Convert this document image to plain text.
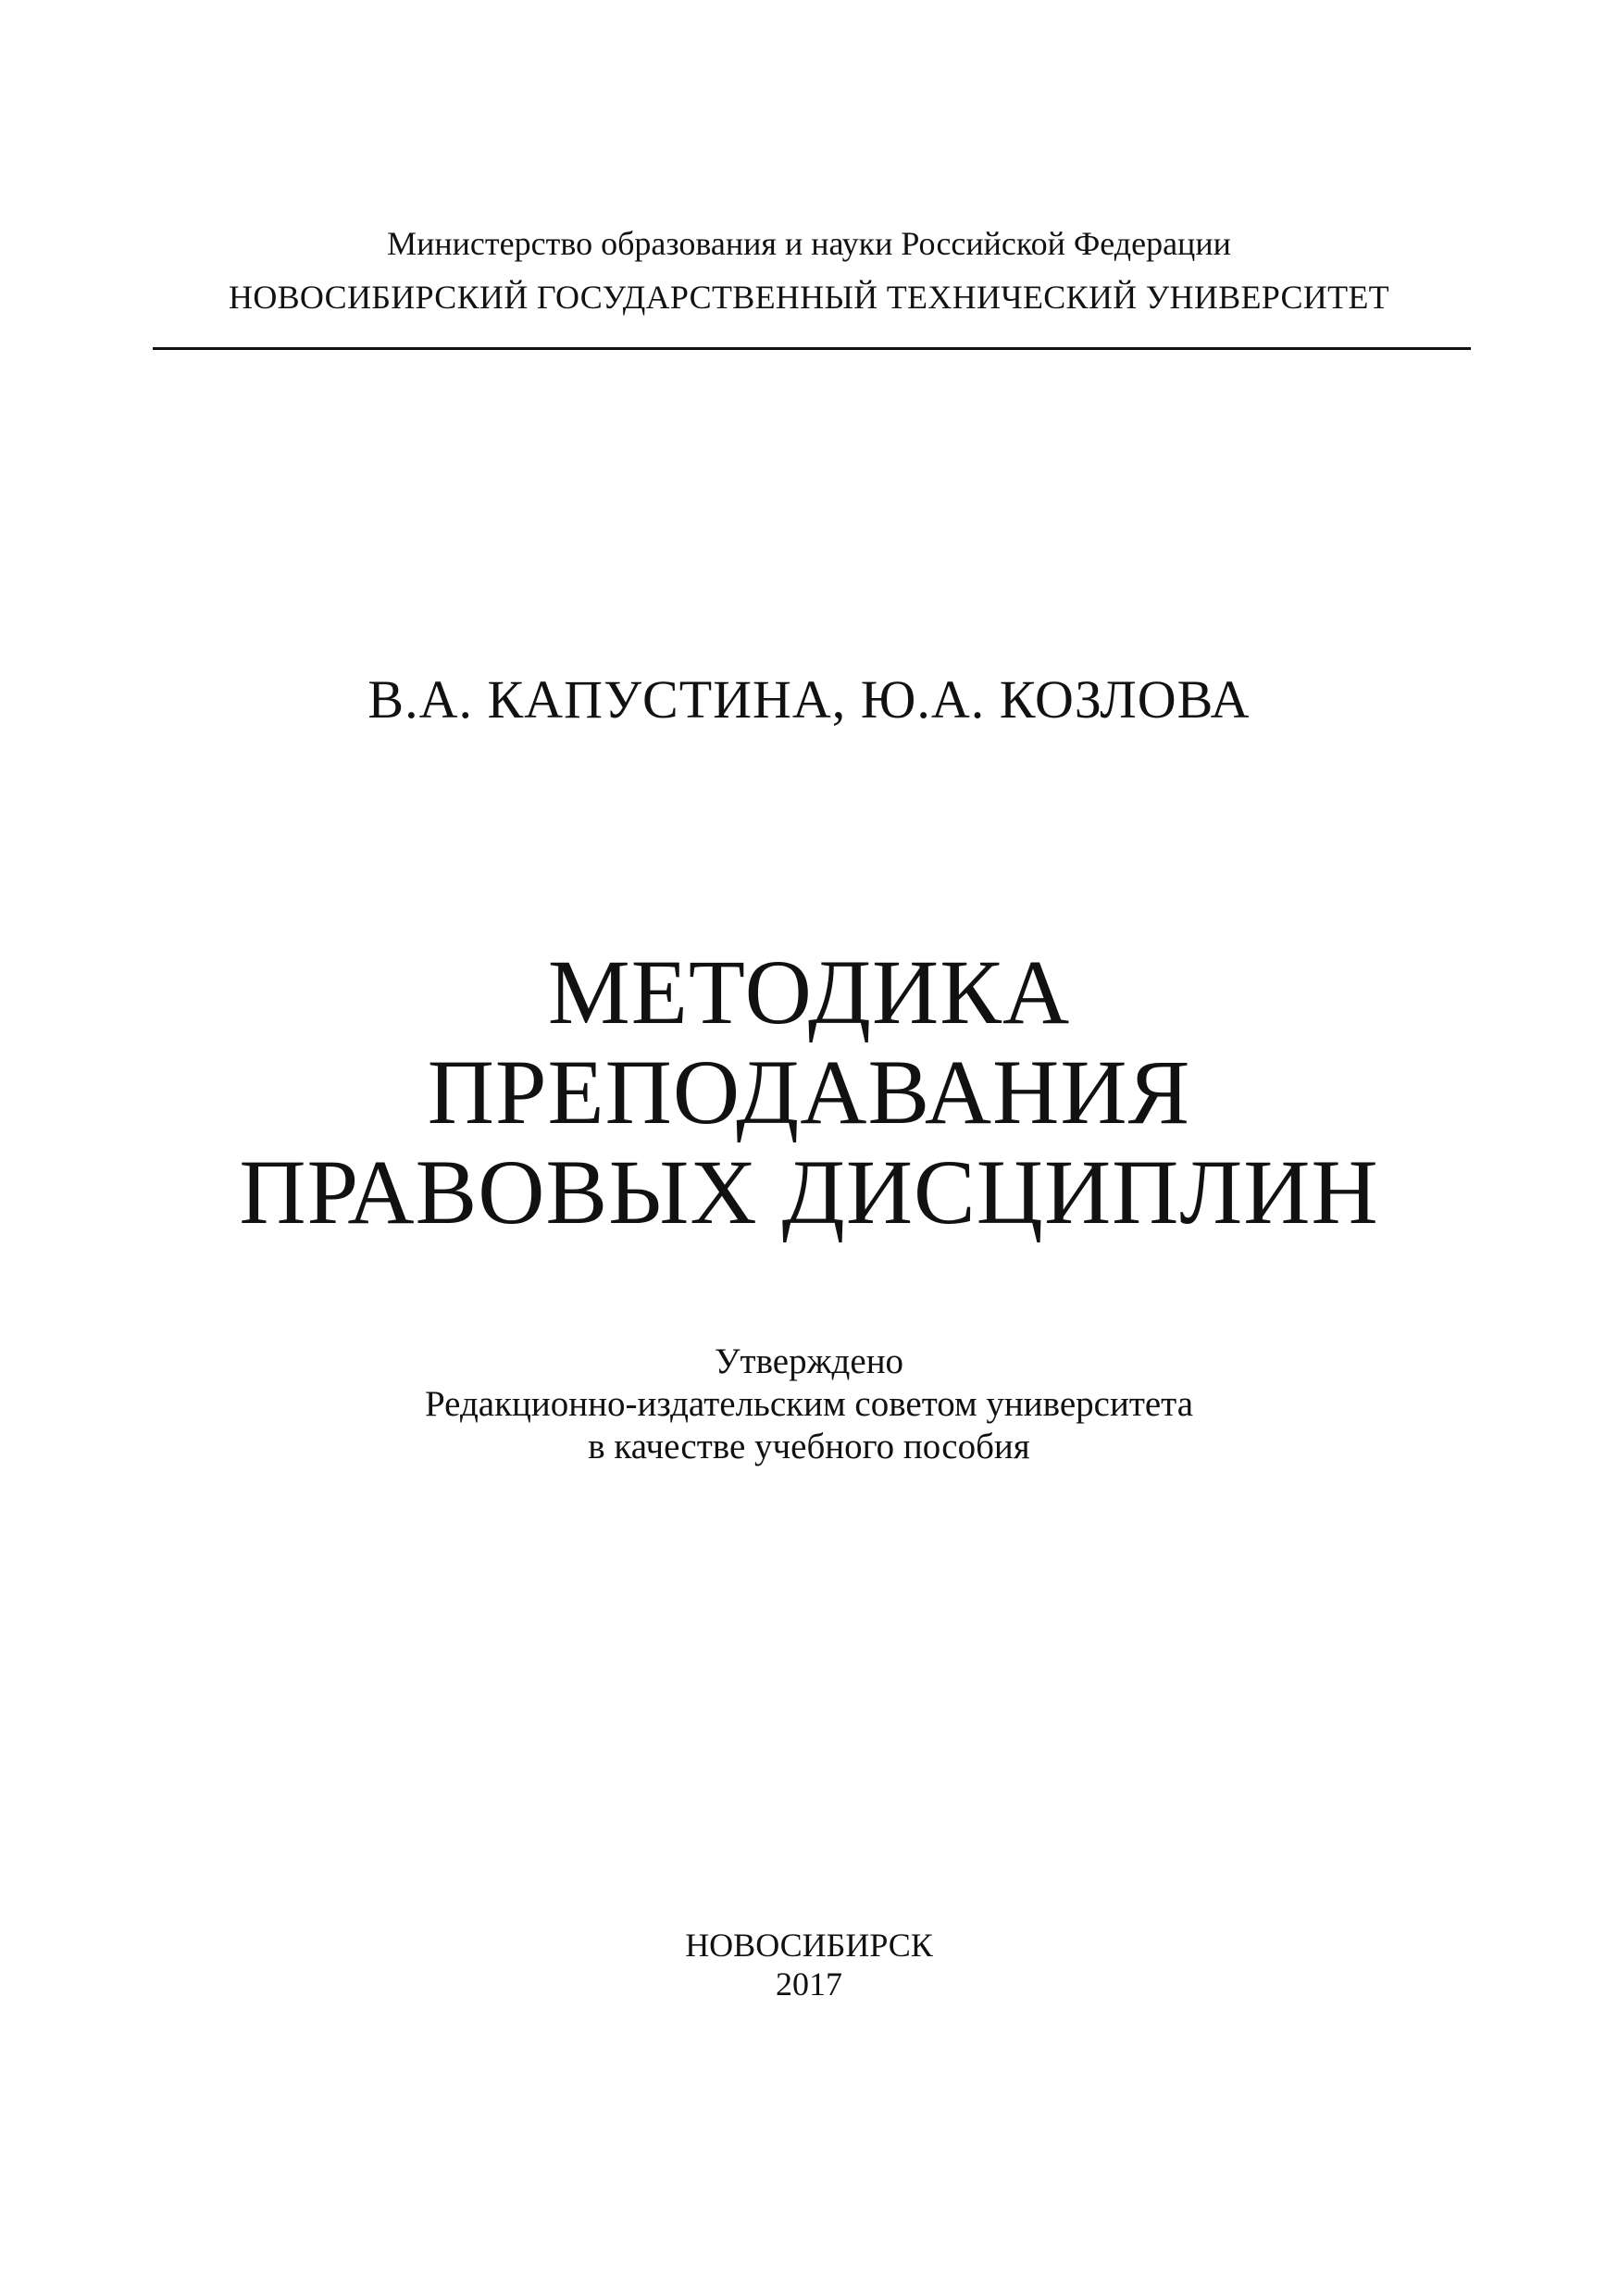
Министерство образования и науки Российской Федерации

НОВОСИБИРСКИЙ ГОСУДАРСТВЕННЫЙ ТЕХНИЧЕСКИЙ УНИВЕРСИТЕТ

В.А. КАПУСТИНА, Ю.А. КОЗЛОВА

МЕТОДИКА
ПРЕПОДАВАНИЯ
ПРАВОВЫХ ДИСЦИПЛИН
Утверждено
Редакционно-издательским советом университета
в качестве учебного пособия
НОВОСИБИРСК
2017
